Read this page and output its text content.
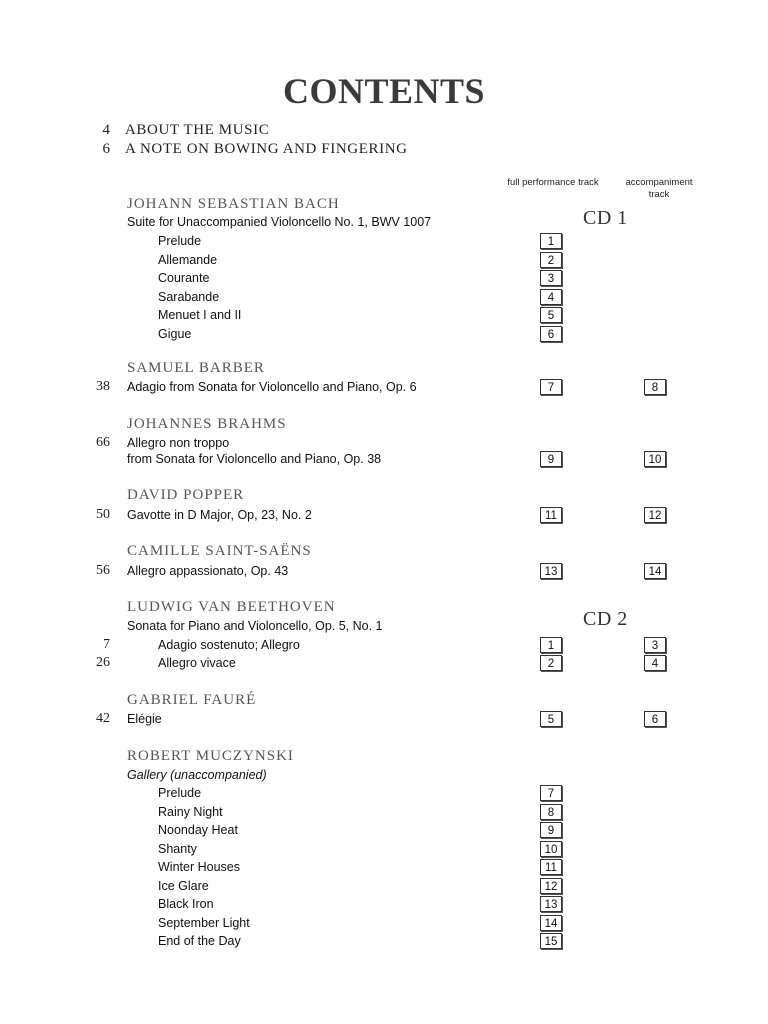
CONTENTS
4 ABOUT THE MUSIC
6 A NOTE ON BOWING AND FINGERING
full performance track	accompaniment track
CD 1
CD 2
JOHANN SEBASTIAN BACH
Suite for Unaccompanied Violoncello No. 1, BWV 1007
Prelude	1
Allemande	2
Courante	3
Sarabande	4
Menuet I and II	5
Gigue	6
SAMUEL BARBER
38 Adagio from Sonata for Violoncello and Piano, Op. 6	7	8
JOHANNES BRAHMS
66 Allegro non troppo
from Sonata for Violoncello and Piano, Op. 38	9	10
DAVID POPPER
50 Gavotte in D Major, Op, 23, No. 2	11	12
CAMILLE SAINT-SAËNS
56 Allegro appassionato, Op. 43	13	14
LUDWIG VAN BEETHOVEN
Sonata for Piano and Violoncello, Op. 5, No. 1
7	Adagio sostenuto; Allegro	1	3
26	Allegro vivace	2	4
GABRIEL FAURÉ
42 Elégie	5	6
ROBERT MUCZYNSKI
Gallery (unaccompanied)
Prelude	7
Rainy Night	8
Noonday Heat	9
Shanty	10
Winter Houses	11
Ice Glare	12
Black Iron	13
September Light	14
End of the Day	15
